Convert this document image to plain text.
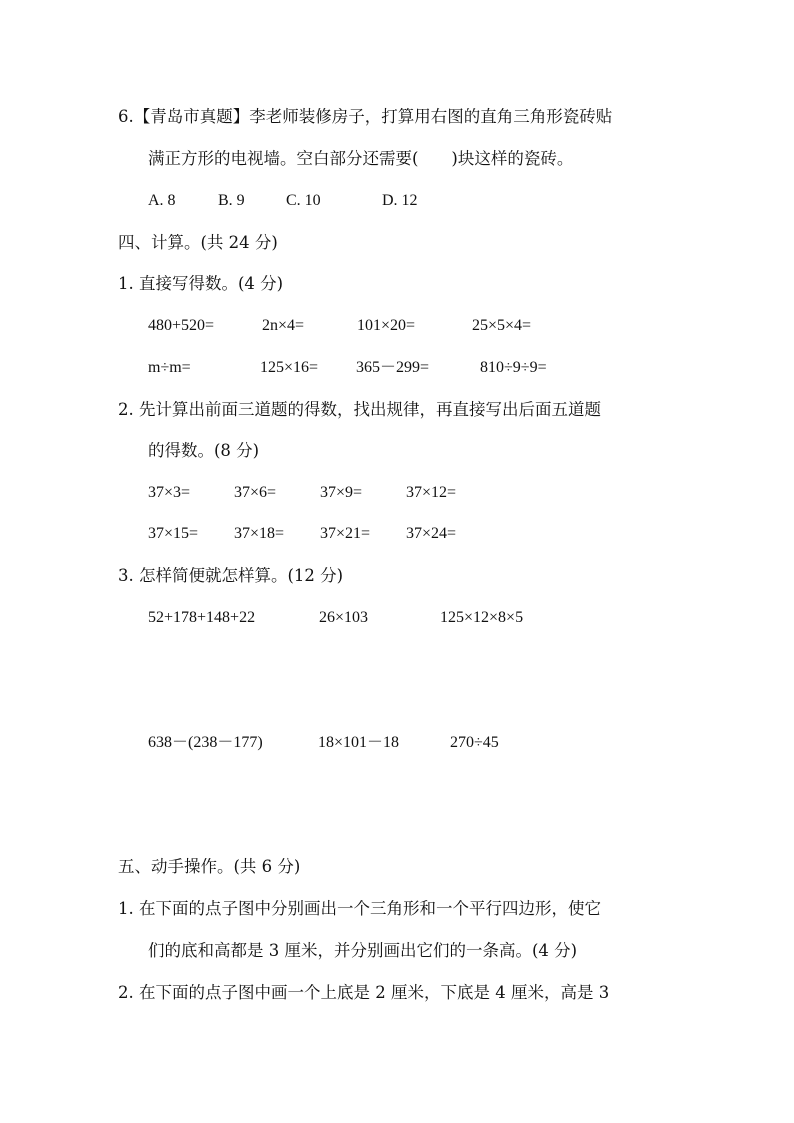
6.【青岛市真题】李老师装修房子，打算用右图的直角三角形瓷砖贴
满正方形的电视墙。空白部分还需要(　　)块这样的瓷砖。
A. 8	B. 9	C. 10	D. 12
四、计算。(共 24 分)
1. 直接写得数。(4 分)
480+520=	2n×4=	101×20=	25×5×4=
m÷m=	125×16= 365－299=	810÷9÷9=
2. 先计算出前面三道题的得数，找出规律，再直接写出后面五道题
的得数。(8 分)
37×3=	37×6=	37×9=	37×12=
37×15= 37×18= 37×21= 37×24=
3. 怎样简便就怎样算。(12 分)
52+178+148+22	26×103	125×12×8×5
638－(238－177)	18×101－18	270÷45
五、动手操作。(共 6 分)
1. 在下面的点子图中分别画出一个三角形和一个平行四边形，使它
们的底和高都是 3 厘米，并分别画出它们的一条高。(4 分)
2. 在下面的点子图中画一个上底是 2 厘米，下底是 4 厘米，高是 3
